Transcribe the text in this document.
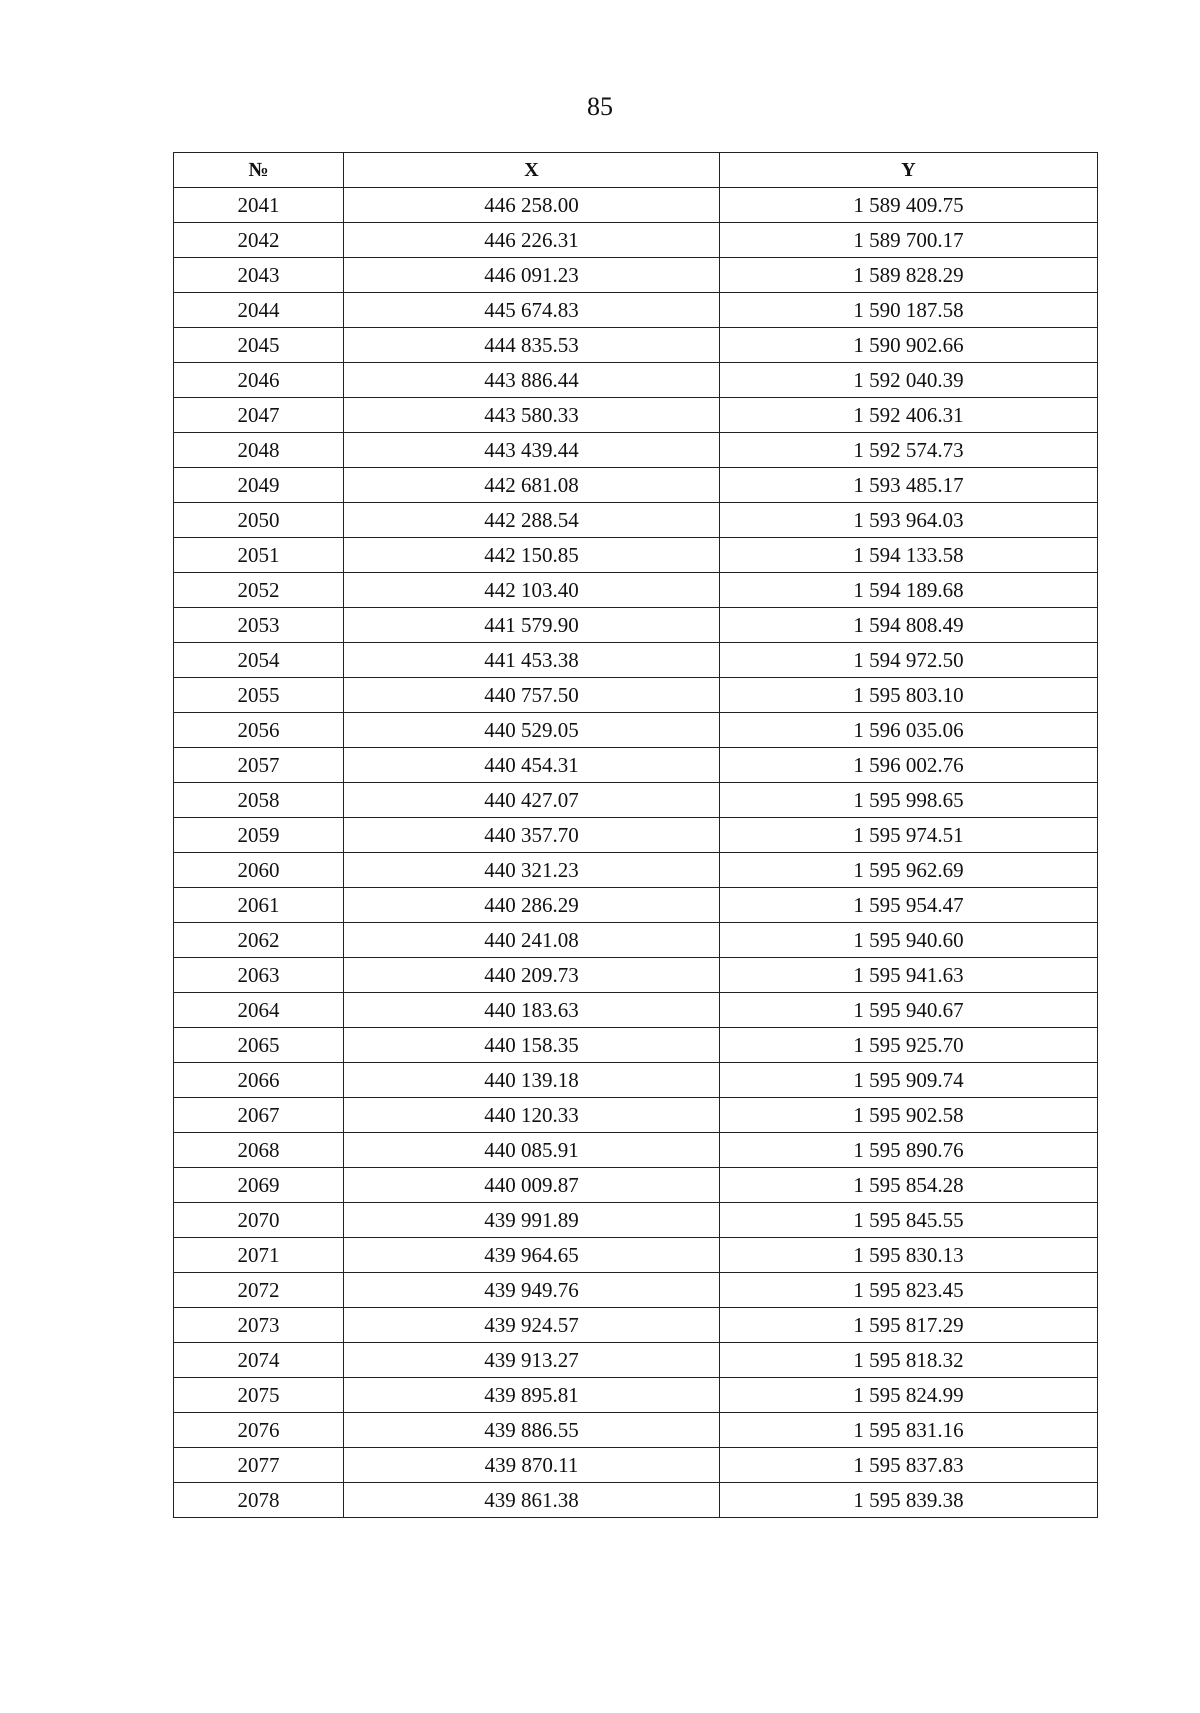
85
№	X	Y
2041	446 258.00	1 589 409.75
2042	446 226.31	1 589 700.17
2043	446 091.23	1 589 828.29
2044	445 674.83	1 590 187.58
2045	444 835.53	1 590 902.66
2046	443 886.44	1 592 040.39
2047	443 580.33	1 592 406.31
2048	443 439.44	1 592 574.73
2049	442 681.08	1 593 485.17
2050	442 288.54	1 593 964.03
2051	442 150.85	1 594 133.58
2052	442 103.40	1 594 189.68
2053	441 579.90	1 594 808.49
2054	441 453.38	1 594 972.50
2055	440 757.50	1 595 803.10
2056	440 529.05	1 596 035.06
2057	440 454.31	1 596 002.76
2058	440 427.07	1 595 998.65
2059	440 357.70	1 595 974.51
2060	440 321.23	1 595 962.69
2061	440 286.29	1 595 954.47
2062	440 241.08	1 595 940.60
2063	440 209.73	1 595 941.63
2064	440 183.63	1 595 940.67
2065	440 158.35	1 595 925.70
2066	440 139.18	1 595 909.74
2067	440 120.33	1 595 902.58
2068	440 085.91	1 595 890.76
2069	440 009.87	1 595 854.28
2070	439 991.89	1 595 845.55
2071	439 964.65	1 595 830.13
2072	439 949.76	1 595 823.45
2073	439 924.57	1 595 817.29
2074	439 913.27	1 595 818.32
2075	439 895.81	1 595 824.99
2076	439 886.55	1 595 831.16
2077	439 870.11	1 595 837.83
2078	439 861.38	1 595 839.38
